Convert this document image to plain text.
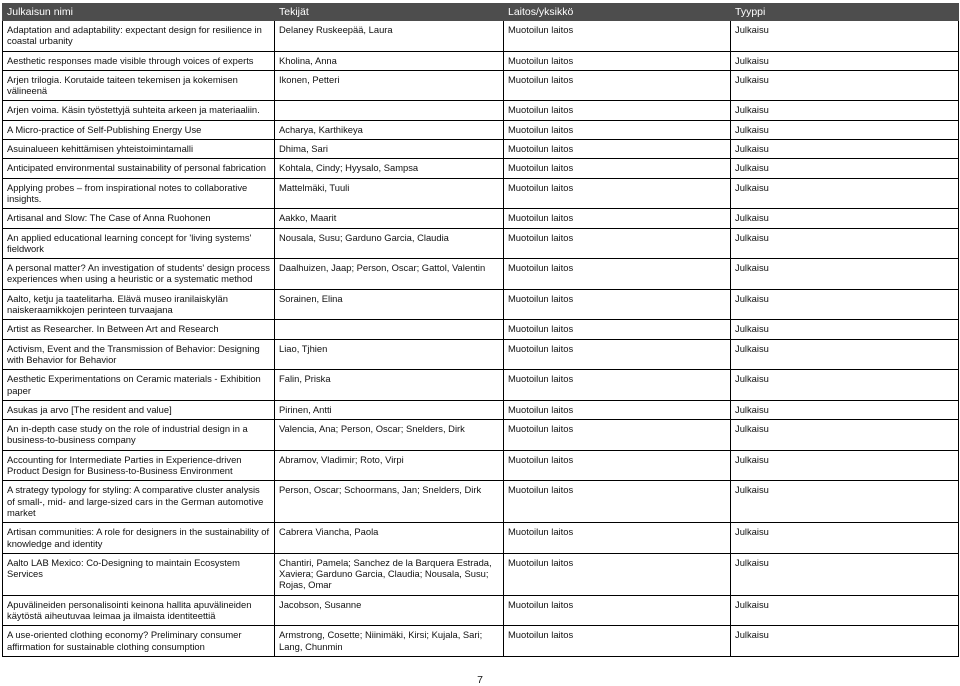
Julkaisun nimi	Tekijät	Laitos/yksikkö	Tyyppi
Adaptation and adaptability: expectant design for resilience in coastal urbanity	Delaney Ruskeepää, Laura	Muotoilun laitos	Julkaisu
Aesthetic responses made visible through voices of experts	Kholina, Anna	Muotoilun laitos	Julkaisu
Arjen trilogia. Korutaide taiteen tekemisen ja kokemisen välineenä	Ikonen, Petteri	Muotoilun laitos	Julkaisu
Arjen voima. Käsin työstettyjä suhteita arkeen ja materiaaliin.		Muotoilun laitos	Julkaisu
A Micro-practice of Self-Publishing Energy Use	Acharya, Karthikeya	Muotoilun laitos	Julkaisu
Asuinalueen kehittämisen yhteistoimintamalli	Dhima, Sari	Muotoilun laitos	Julkaisu
Anticipated environmental sustainability of personal fabrication	Kohtala, Cindy; Hyysalo, Sampsa	Muotoilun laitos	Julkaisu
Applying probes – from inspirational notes to collaborative insights.	Mattelmäki, Tuuli	Muotoilun laitos	Julkaisu
Artisanal and Slow: The Case of Anna Ruohonen	Aakko, Maarit	Muotoilun laitos	Julkaisu
An applied educational learning concept for 'living systems' fieldwork	Nousala, Susu; Garduno Garcia, Claudia	Muotoilun laitos	Julkaisu
A personal matter? An investigation of students' design process experiences when using a heuristic or a systematic method	Daalhuizen, Jaap; Person, Oscar; Gattol, Valentin	Muotoilun laitos	Julkaisu
Aalto, ketju ja taatelitarha. Elävä museo iranilaiskylän naiskeraamikkojen perinteen turvaajana	Sorainen, Elina	Muotoilun laitos	Julkaisu
Artist as Researcher. In Between Art and Research		Muotoilun laitos	Julkaisu
Activism, Event and the Transmission of Behavior: Designing with Behavior for Behavior	Liao, Tjhien	Muotoilun laitos	Julkaisu
Aesthetic Experimentations on Ceramic materials - Exhibition paper	Falin, Priska	Muotoilun laitos	Julkaisu
Asukas ja arvo [The resident and value]	Pirinen, Antti	Muotoilun laitos	Julkaisu
An in-depth case study on the role of industrial design in a business-to-business company	Valencia, Ana; Person, Oscar; Snelders, Dirk	Muotoilun laitos	Julkaisu
Accounting for Intermediate Parties in Experience-driven Product Design for Business-to-Business Environment	Abramov, Vladimir; Roto, Virpi	Muotoilun laitos	Julkaisu
A strategy typology for styling: A comparative cluster analysis of small-, mid- and large-sized cars in the German automotive market	Person, Oscar; Schoormans, Jan; Snelders, Dirk	Muotoilun laitos	Julkaisu
Artisan communities: A role for designers in the sustainability of knowledge and identity	Cabrera Viancha, Paola	Muotoilun laitos	Julkaisu
Aalto LAB Mexico: Co-Designing to maintain Ecosystem Services	Chantiri, Pamela; Sanchez de la Barquera Estrada, Xaviera; Garduno Garcia, Claudia; Nousala, Susu; Rojas, Omar	Muotoilun laitos	Julkaisu
Apuvälineiden personalisointi keinona hallita apuvälineiden käytöstä aiheutuvaa leimaa ja ilmaista identiteettiä	Jacobson, Susanne	Muotoilun laitos	Julkaisu
A use-oriented clothing economy? Preliminary consumer affirmation for sustainable clothing consumption	Armstrong, Cosette; Niinimäki, Kirsi; Kujala, Sari; Lang, Chunmin	Muotoilun laitos	Julkaisu
7
